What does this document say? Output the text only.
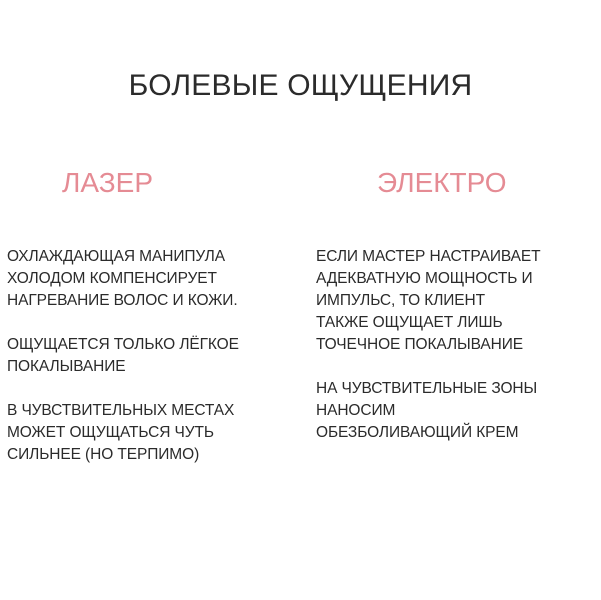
БОЛЕВЫЕ ОЩУЩЕНИЯ
ЛАЗЕР	ЭЛЕКТРО

ОХЛАЖДАЮЩАЯ МАНИПУЛА
ХОЛОДОМ КОМПЕНСИРУЕТ
НАГРЕВАНИЕ ВОЛОС И КОЖИ.

ОЩУЩАЕТСЯ ТОЛЬКО ЛЁГКОЕ
ПОКАЛЫВАНИЕ

В ЧУВСТВИТЕЛЬНЫХ МЕСТАХ
МОЖЕТ ОЩУЩАТЬСЯ ЧУТЬ
СИЛЬНЕЕ (НО ТЕРПИМО)

ЕСЛИ МАСТЕР НАСТРАИВАЕТ
АДЕКВАТНУЮ МОЩНОСТЬ И
ИМПУЛЬС, ТО КЛИЕНТ
ТАКЖЕ ОЩУЩАЕТ ЛИШЬ
ТОЧЕЧНОЕ ПОКАЛЫВАНИЕ

НА ЧУВСТВИТЕЛЬНЫЕ ЗОНЫ
НАНОСИМ
ОБЕЗБОЛИВАЮЩИЙ КРЕМ
